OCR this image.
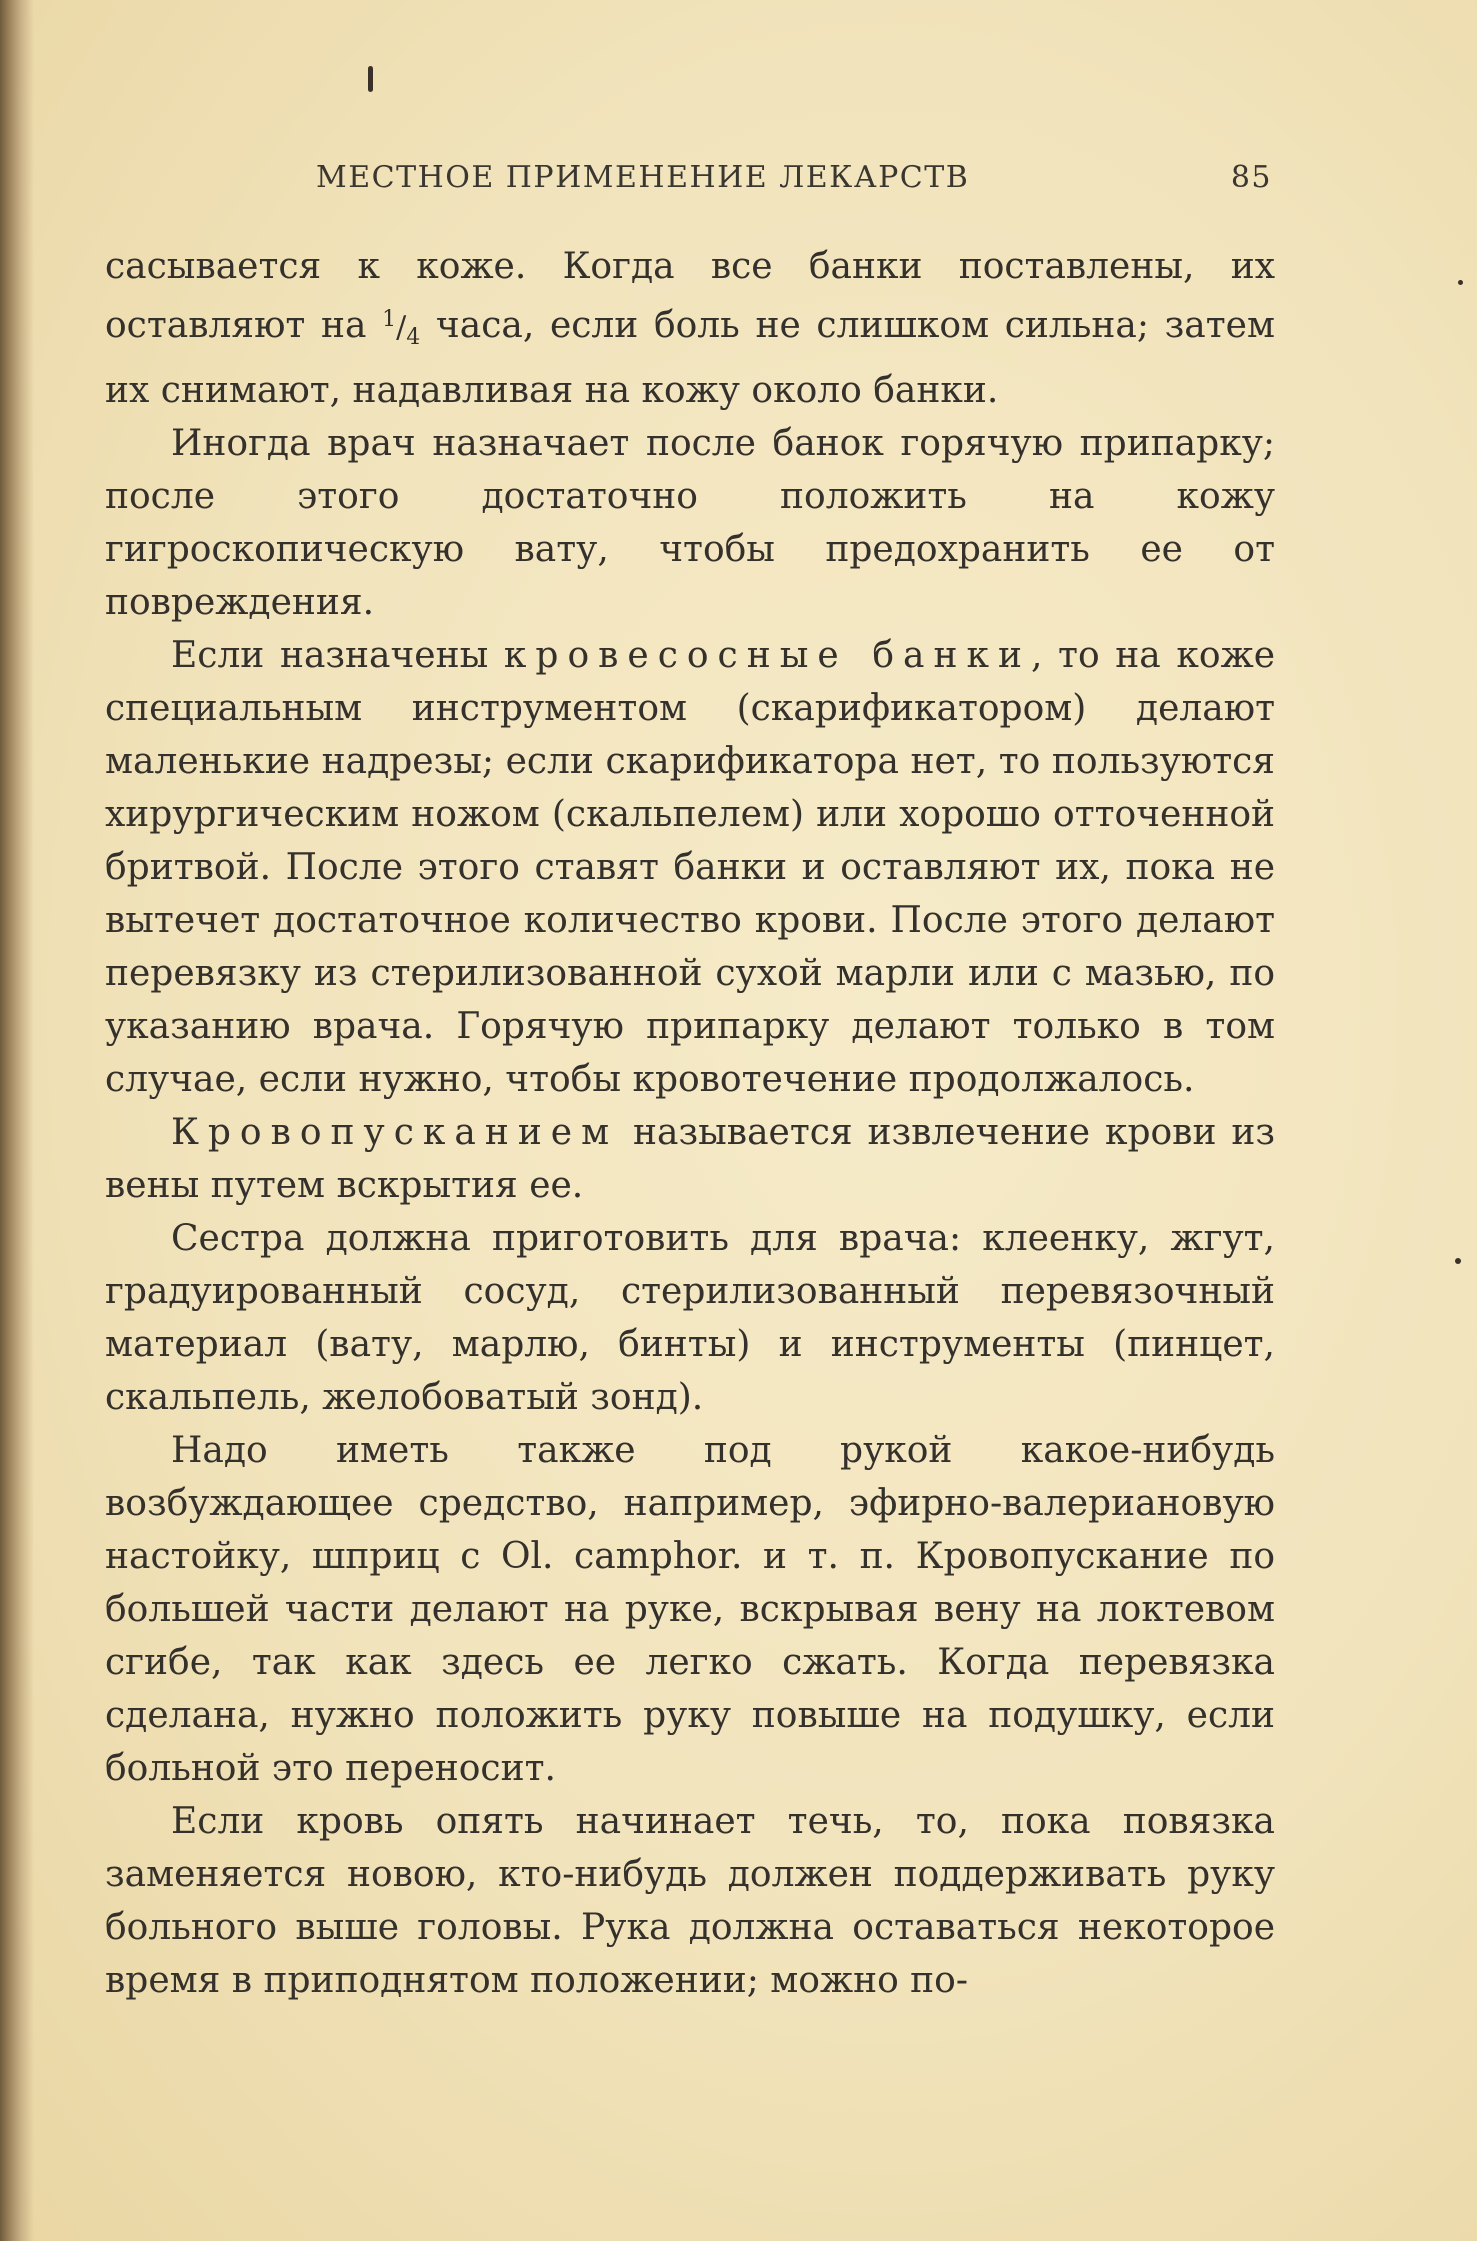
МЕСТНОЕ ПРИМЕНЕНИЕ ЛЕКАРСТВ	85

сасывается к коже. Когда все банки поставлены, их оставляют на $^1/_4$ часа, если боль не слишком сильна; затем их снимают, надавливая на кожу около банки.

Иногда врач назначает после банок горячую припарку; после этого достаточно положить на кожу гигроскопическую вату, чтобы предохранить ее от повреждения.

Если назначены кровесосные банки, то на коже специальным инструментом (скарификатором) делают маленькие надрезы; если скарификатора нет, то пользуются хирургическим ножом (скальпелем) или хорошо отточенной бритвой. После этого ставят банки и оставляют их, пока не вытечет достаточное количество крови. После этого делают перевязку из стерилизованной сухой марли или с мазью, по указанию врача. Горячую припарку делают только в том случае, если нужно, чтобы кровотечение продолжалось.

Кровопусканием называется извлечение крови из вены путем вскрытия ее.

Сестра должна приготовить для врача: клеенку, жгут, градуированный сосуд, стерилизованный перевязочный материал (вату, марлю, бинты) и инструменты (пинцет, скальпель, желобоватый зонд).

Надо иметь также под рукой какое-нибудь возбуждающее средство, например, эфирно-валериановую настойку, шприц с Ol. camphor. и т. п. Кровопускание по большей части делают на руке, вскрывая вену на локтевом сгибе, так как здесь ее легко сжать. Когда перевязка сделана, нужно положить руку повыше на подушку, если больной это переносит.

Если кровь опять начинает течь, то, пока повязка заменяется новою, кто-нибудь должен поддерживать руку больного выше головы. Рука должна оставаться некоторое время в приподнятом положении; можно по-
